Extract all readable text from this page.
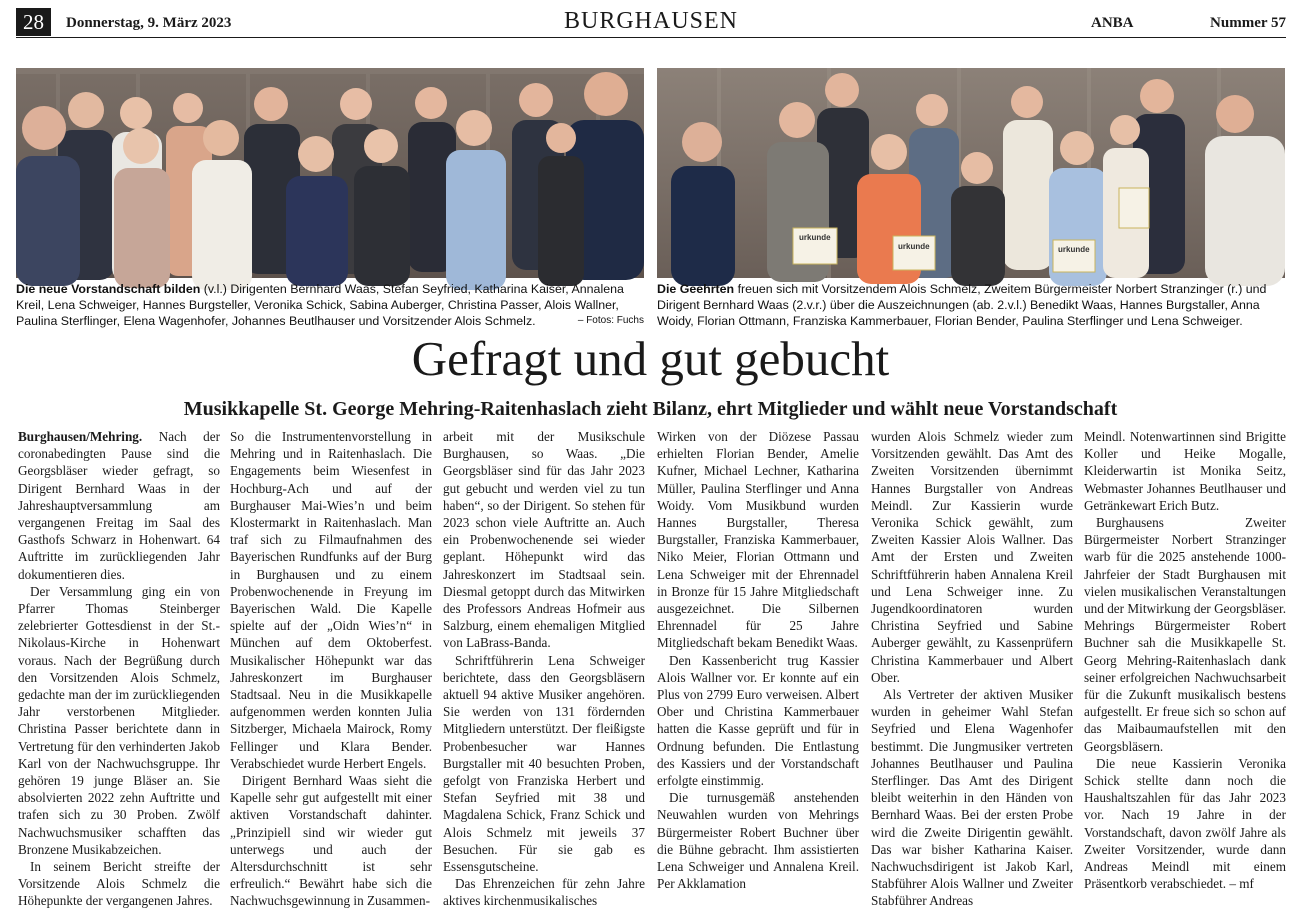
28	Donnerstag, 9. März 2023	BURGHAUSEN	ANBA	Nummer 57
urkunde
urkunde	urkunde
Die neue Vorstandschaft bilden (v.l.) Dirigenten Bernhard Waas, Stefan Seyfried, Katharina Kaiser, Annalena Kreil, Lena Schweiger, Hannes Burgsteller, Veronika Schick, Sabina Auberger, Christina Passer, Alois Wallner, Paulina Sterflinger, Elena Wagenhofer, Johannes Beutlhauser und Vorsitzender Alois Schmelz.	– Fotos: Fuchs
Die Geehrten freuen sich mit Vorsitzendem Alois Schmelz, Zweitem Bürgermeister Norbert Stranzinger (r.) und Dirigent Bernhard Waas (2.v.r.) über die Auszeichnungen (ab. 2.v.l.) Benedikt Waas, Hannes Burgstaller, Anna Woidy, Florian Ottmann, Franziska Kammerbauer, Florian Bender, Paulina Sterflinger und Lena Schweiger.
Gefragt und gut gebucht
Musikkapelle St. George Mehring-Raitenhaslach zieht Bilanz, ehrt Mitglieder und wählt neue Vorstandschaft

Burghausen/Mehring. Nach der coronabedingten Pause sind die Georgsbläser wieder gefragt, so Dirigent Bernhard Waas in der Jahreshauptversammlung am vergangenen Freitag im Saal des Gasthofs Schwarz in Hohenwart. 64 Auftritte im zurückliegenden Jahr dokumentieren dies.

Der Versammlung ging ein von Pfarrer Thomas Steinberger zelebrierter Gottesdienst in der St.-Nikolaus-Kirche in Hohenwart voraus. Nach der Begrüßung durch den Vorsitzenden Alois Schmelz, gedachte man der im zurückliegenden Jahr verstorbenen Mitglieder. Christina Passer berichtete dann in Vertretung für den verhinderten Jakob Karl von der Nachwuchsgruppe. Ihr gehören 19 junge Bläser an. Sie absolvierten 2022 zehn Auftritte und trafen sich zu 30 Proben. Zwölf Nachwuchsmusiker schafften das Bronzene Musikabzeichen.

In seinem Bericht streifte der Vorsitzende Alois Schmelz die Höhepunkte der vergangenen Jahres.

So die Instrumentenvorstellung in Mehring und in Raitenhaslach. Die Engagements beim Wiesenfest in Hochburg-Ach und auf der Burghauser Mai-Wies’n und beim Klostermarkt in Raitenhaslach. Man traf sich zu Filmaufnahmen des Bayerischen Rundfunks auf der Burg in Burghausen und zu einem Probenwochenende in Freyung im Bayerischen Wald. Die Kapelle spielte auf der „Oidn Wies’n“ in München auf dem Oktoberfest. Musikalischer Höhepunkt war das Jahreskonzert im Burghauser Stadtsaal. Neu in die Musikkapelle aufgenommen werden konnten Julia Sitzberger, Michaela Mairock, Romy Fellinger und Klara Bender. Verabschiedet wurde Herbert Engels.

Dirigent Bernhard Waas sieht die Kapelle sehr gut aufgestellt mit einer aktiven Vorstandschaft dahinter. „Prinzipiell sind wir wieder gut unterwegs und auch der Altersdurchschnitt ist sehr erfreulich.“ Bewährt habe sich die Nachwuchsgewinnung in Zusammen-

arbeit mit der Musikschule Burghausen, so Waas. „Die Georgsbläser sind für das Jahr 2023 gut gebucht und werden viel zu tun haben“, so der Dirigent. So stehen für 2023 schon viele Auftritte an. Auch ein Probenwochenende sei wieder geplant. Höhepunkt wird das Jahreskonzert im Stadtsaal sein. Diesmal getoppt durch das Mitwirken des Professors Andreas Hofmeir aus Salzburg, einem ehemaligen Mitglied von LaBrass-Banda.

Schriftführerin Lena Schweiger berichtete, dass den Georgsbläsern aktuell 94 aktive Musiker angehören. Sie werden von 131 fördernden Mitgliedern unterstützt. Der fleißigste Probenbesucher war Hannes Burgstaller mit 40 besuchten Proben, gefolgt von Franziska Herbert und Stefan Seyfried mit 38 und Magdalena Schick, Franz Schick und Alois Schmelz mit jeweils 37 Besuchen. Für sie gab es Essensgutscheine.

Das Ehrenzeichen für zehn Jahre aktives kirchenmusikalisches

Wirken von der Diözese Passau erhielten Florian Bender, Amelie Kufner, Michael Lechner, Katharina Müller, Paulina Sterflinger und Anna Woidy. Vom Musikbund wurden Hannes Burgstaller, Theresa Burgstaller, Franziska Kammerbauer, Niko Meier, Florian Ottmann und Lena Schweiger mit der Ehrennadel in Bronze für 15 Jahre Mitgliedschaft ausgezeichnet. Die Silbernen Ehrennadel für 25 Jahre Mitgliedschaft bekam Benedikt Waas.

Den Kassenbericht trug Kassier Alois Wallner vor. Er konnte auf ein Plus von 2799 Euro verweisen. Albert Ober und Christina Kammerbauer hatten die Kasse geprüft und für in Ordnung befunden. Die Entlastung des Kassiers und der Vorstandschaft erfolgte einstimmig.

Die turnusgemäß anstehenden Neuwahlen wurden von Mehrings Bürgermeister Robert Buchner über die Bühne gebracht. Ihm assistierten Lena Schweiger und Annalena Kreil. Per Akklamation

wurden Alois Schmelz wieder zum Vorsitzenden gewählt. Das Amt des Zweiten Vorsitzenden übernimmt Hannes Burgstaller von Andreas Meindl. Zur Kassierin wurde Veronika Schick gewählt, zum Zweiten Kassier Alois Wallner. Das Amt der Ersten und Zweiten Schriftführerin haben Annalena Kreil und Lena Schweiger inne. Zu Jugendkoordinatoren wurden Christina Seyfried und Sabine Auberger gewählt, zu Kassenprüfern Christina Kammerbauer und Albert Ober.

Als Vertreter der aktiven Musiker wurden in geheimer Wahl Stefan Seyfried und Elena Wagenhofer bestimmt. Die Jungmusiker vertreten Johannes Beutlhauser und Paulina Sterflinger. Das Amt des Dirigent bleibt weiterhin in den Händen von Bernhard Waas. Bei der ersten Probe wird die Zweite Dirigentin gewählt. Das war bisher Katharina Kaiser. Nachwuchsdirigent ist Jakob Karl, Stabführer Alois Wallner und Zweiter Stabführer Andreas

Meindl. Notenwartinnen sind Brigitte Koller und Heike Mogalle, Kleiderwartin ist Monika Seitz, Webmaster Johannes Beutlhauser und Getränkewart Erich Butz.

Burghausens Zweiter Bürgermeister Norbert Stranzinger warb für die 2025 anstehende 1000-Jahrfeier der Stadt Burghausen mit vielen musikalischen Veranstaltungen und der Mitwirkung der Georgsbläser. Mehrings Bürgermeister Robert Buchner sah die Musikkapelle St. Georg Mehring-Raitenhaslach dank seiner erfolgreichen Nachwuchsarbeit für die Zukunft musikalisch bestens aufgestellt. Er freue sich so schon auf das Maibaumaufstellen mit den Georgsbläsern.

Die neue Kassierin Veronika Schick stellte dann noch die Haushaltszahlen für das Jahr 2023 vor. Nach 19 Jahre in der Vorstandschaft, davon zwölf Jahre als Zweiter Vorsitzender, wurde dann Andreas Meindl mit einem Präsentkorb verabschiedet. – mf
